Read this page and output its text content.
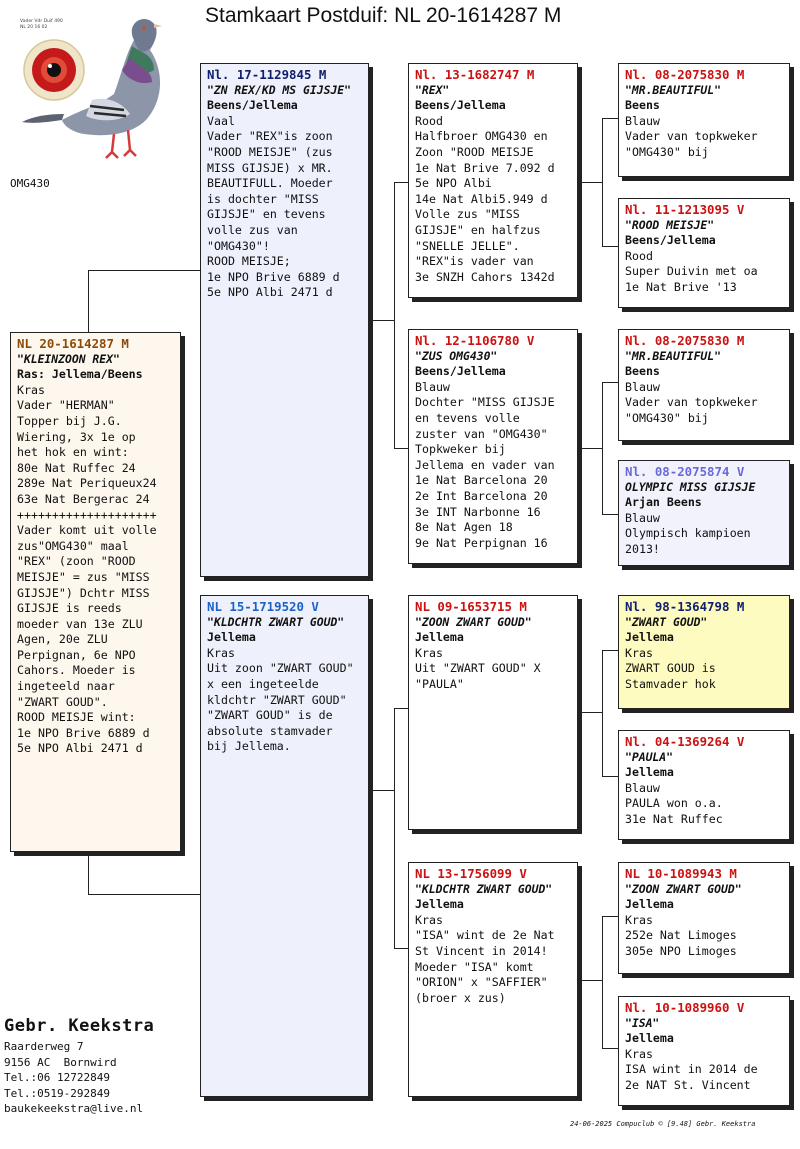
Stamkaart Postduif: NL 20-1614287 M
Vader Vdr Duif 490
NL 20 16 02
OMG430
NL 20-1614287 M
"KLEINZOON REX"
Ras: Jellema/Beens
Kras
Vader "HERMAN"
Topper bij J.G.
Wiering, 3x 1e op
het hok en wint:
80e Nat Ruffec 24
289e Nat Periqueux24
63e Nat Bergerac 24
++++++++++++++++++++
Vader komt uit volle
zus"OMG430" maal
"REX" (zoon "ROOD
MEISJE" = zus "MISS
GIJSJE") Dchtr MISS
GIJSJE is reeds
moeder van 13e ZLU
Agen, 20e ZLU
Perpignan, 6e NPO
Cahors. Moeder is
ingeteeld naar
"ZWART GOUD".
ROOD MEISJE wint:
1e NPO Brive 6889 d
5e NPO Albi 2471 d
Nl. 17-1129845 M
"ZN REX/KD MS GIJSJE"
Beens/Jellema
Vaal
Vader "REX"is zoon
"ROOD MEISJE" (zus
MISS GIJSJE) x MR.
BEAUTIFULL. Moeder
is dochter "MISS
GIJSJE" en tevens
volle zus van
"OMG430"!
ROOD MEISJE;
1e NPO Brive 6889 d
5e NPO Albi 2471 d
NL 15-1719520 V
"KLDCHTR ZWART GOUD"
Jellema
Kras
Uit zoon "ZWART GOUD"
x een ingeteelde
kldchtr "ZWART GOUD"
"ZWART GOUD" is de
absolute stamvader
bij Jellema.
Nl. 13-1682747 M
"REX"
Beens/Jellema
Rood
Halfbroer OMG430 en
Zoon "ROOD MEISJE
1e Nat Brive 7.092 d
5e NPO Albi
14e Nat Albi5.949 d
Volle zus "MISS
GIJSJE" en halfzus
"SNELLE JELLE".
"REX"is vader van
3e SNZH Cahors 1342d
Nl. 12-1106780 V
"ZUS OMG430"
Beens/Jellema
Blauw
Dochter "MISS GIJSJE
en tevens volle
zuster van "OMG430"
Topkweker bij
Jellema en vader van
1e Nat Barcelona 20
2e Int Barcelona 20
3e INT Narbonne 16
8e Nat Agen 18
9e Nat Perpignan 16
NL 09-1653715 M
"ZOON ZWART GOUD"
Jellema
Kras
Uit "ZWART GOUD" X
"PAULA"
NL 13-1756099 V
"KLDCHTR ZWART GOUD"
Jellema
Kras
"ISA" wint de 2e Nat
St Vincent in 2014!
Moeder "ISA" komt
"ORION" x "SAFFIER"
(broer x zus)
Nl. 08-2075830 M
"MR.BEAUTIFUL"
Beens
Blauw
Vader van topkweker
"OMG430" bij
Nl. 11-1213095 V
"ROOD MEISJE"
Beens/Jellema
Rood
Super Duivin met oa
1e Nat Brive '13
Nl. 08-2075830 M
"MR.BEAUTIFUL"
Beens
Blauw
Vader van topkweker
"OMG430" bij
Nl. 08-2075874 V
OLYMPIC MISS GIJSJE
Arjan Beens
Blauw
Olympisch kampioen
2013!
Nl. 98-1364798 M
"ZWART GOUD"
Jellema
Kras
ZWART GOUD is
Stamvader hok
Nl. 04-1369264 V
"PAULA"
Jellema
Blauw
PAULA won o.a.
31e Nat Ruffec
NL 10-1089943 M
"ZOON ZWART GOUD"
Jellema
Kras
252e Nat Limoges
305e NPO Limoges
Nl. 10-1089960 V
"ISA"
Jellema
Kras
ISA wint in 2014 de
2e NAT St. Vincent
Gebr. Keekstra
Raarderweg 7
9156 AC  Bornwird
Tel.:06 12722849
Tel.:0519-292849
baukekeekstra@live.nl
24-06-2025 Compuclub © [9.48] Gebr. Keekstra
